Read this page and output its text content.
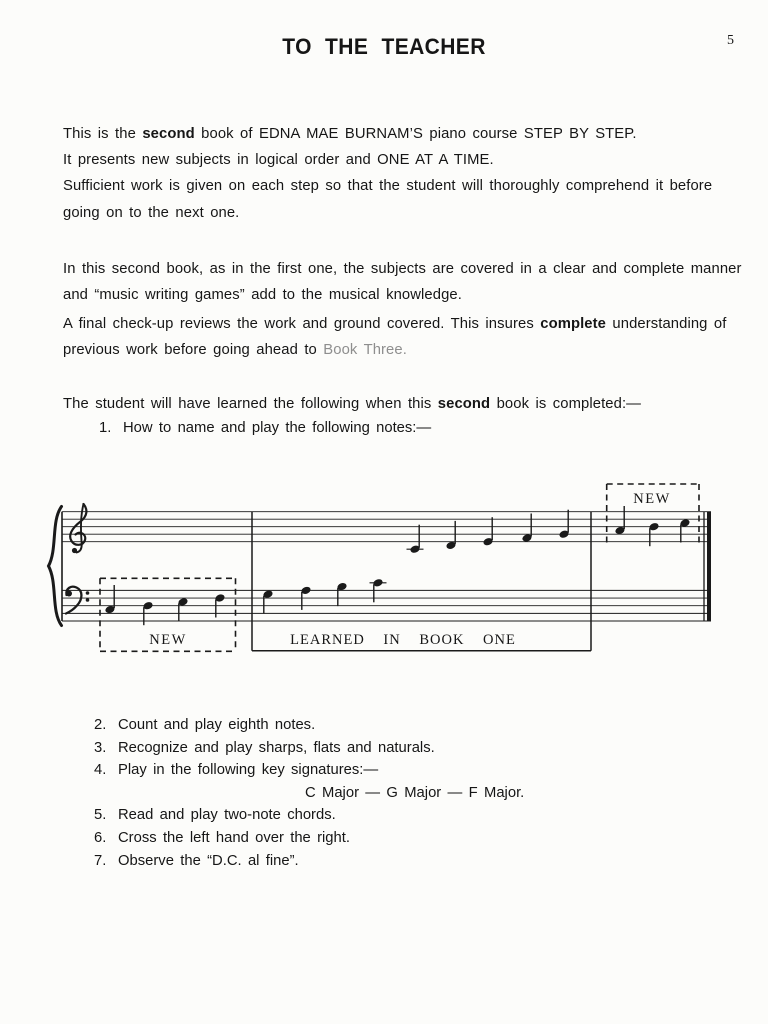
TO THE TEACHER	5
This is the second book of EDNA MAE BURNAM’S piano course STEP BY STEP.
It presents new subjects in logical order and ONE AT A TIME.
Sufficient work is given on each step so that the student will thoroughly comprehend it before
going on to the next one.
In this second book, as in the first one, the subjects are covered in a clear and complete manner
and “music writing games” add to the musical knowledge.
A final check-up reviews the work and ground covered. This insures complete understanding of
previous work before going ahead to Book Three.
The student will have learned the following when this second book is completed:—
1. How to name and play the following notes:—
NEW	LEARNED IN BOOK ONE
NEW
2. Count and play eighth notes.
3. Recognize and play sharps, flats and naturals.
4. Play in the following key signatures:—
C Major — G Major — F Major.
5. Read and play two-note chords.
6. Cross the left hand over the right.
7. Observe the “D.C. al fine”.
